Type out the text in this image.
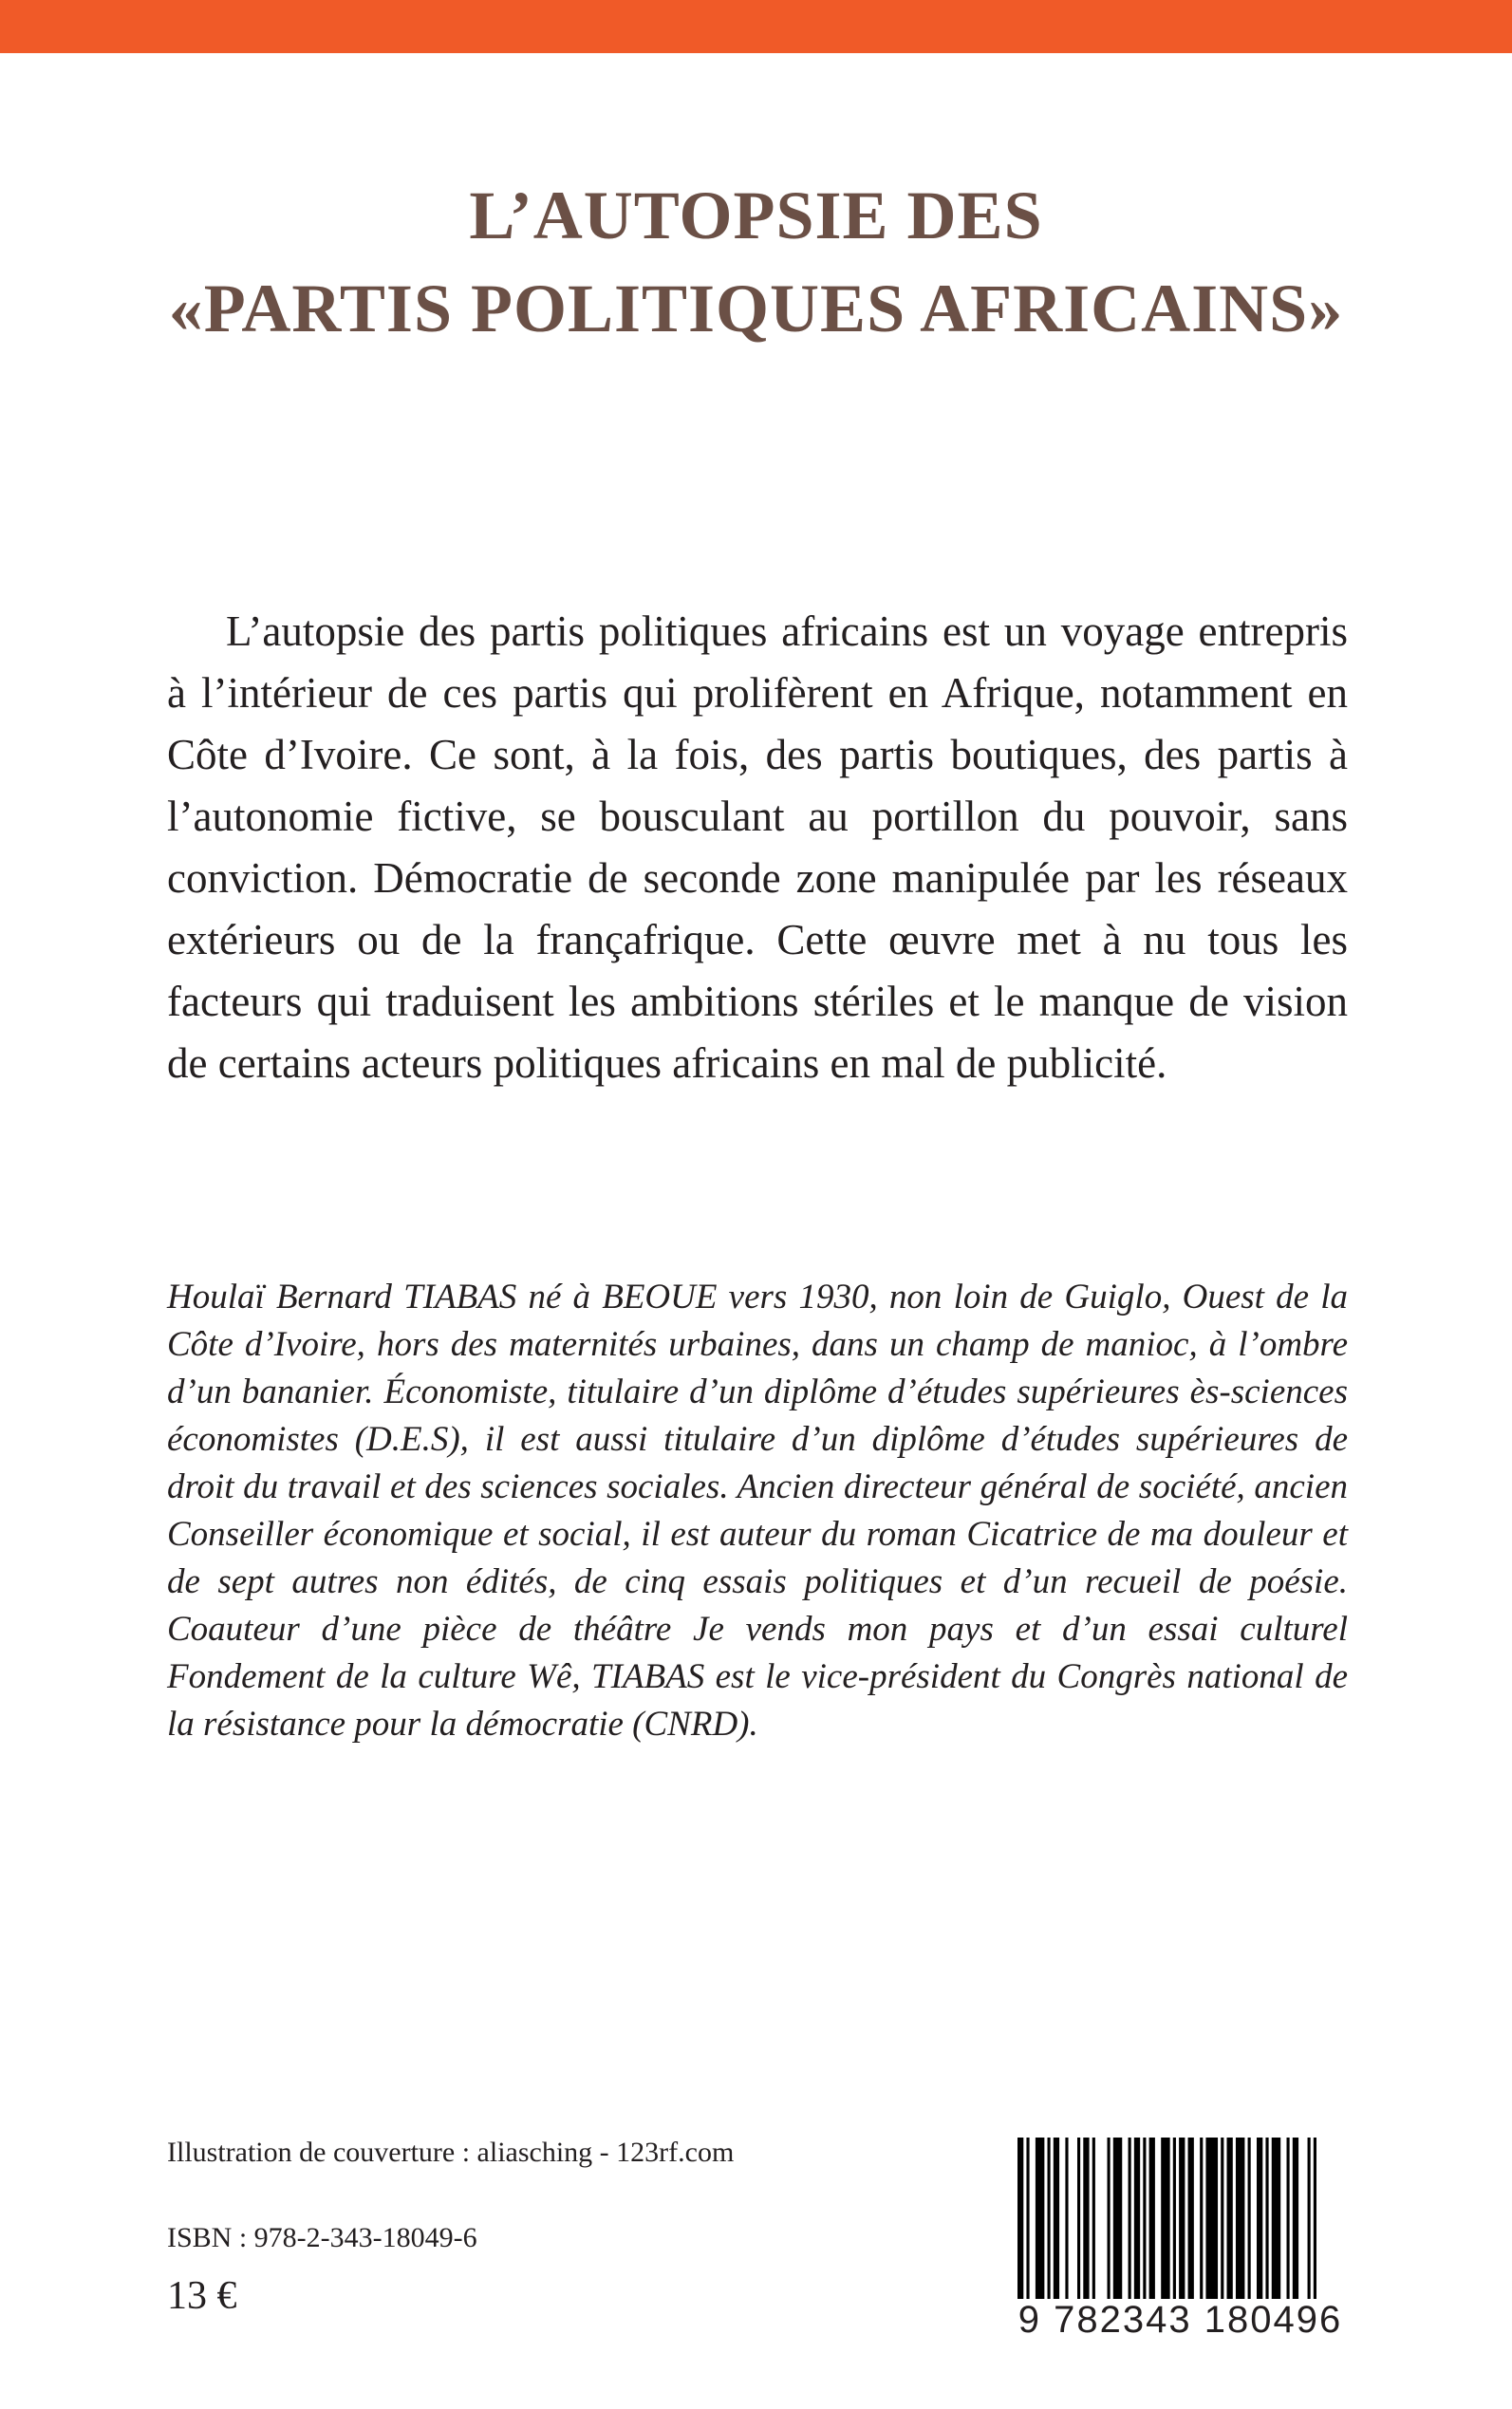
L’AUTOPSIE DES
«PARTIS POLITIQUES AFRICAINS»

L’autopsie des partis politiques africains est un voyage entrepris à l’intérieur de ces partis qui prolifèrent en Afrique, notamment en Côte d’Ivoire. Ce sont, à la fois, des partis boutiques, des partis à l’autonomie fictive, se bousculant au portillon du pouvoir, sans conviction. Démocratie de seconde zone manipulée par les réseaux extérieurs ou de la françafrique. Cette œuvre met à nu tous les facteurs qui traduisent les ambitions stériles et le manque de vision de certains acteurs politiques africains en mal de publicité.

Houlaï Bernard TIABAS né à BEOUE vers 1930, non loin de Guiglo, Ouest de la Côte d’Ivoire, hors des maternités urbaines, dans un champ de manioc, à l’ombre d’un bananier. Économiste, titulaire d’un diplôme d’études supérieures ès-sciences économistes (D.E.S), il est aussi titulaire d’un diplôme d’études supérieures de droit du travail et des sciences sociales. Ancien directeur général de société, ancien Conseiller économique et social, il est auteur du roman Cicatrice de ma douleur et de sept autres non édités, de cinq essais politiques et d’un recueil de poésie. Coauteur d’une pièce de théâtre Je vends mon pays et d’un essai culturel Fondement de la culture Wê, TIABAS est le vice-président du Congrès national de la résistance pour la démocratie (CNRD).

Illustration de couverture : aliasching - 123rf.com
ISBN : 978-2-343-18049-6
13 €
9 782343 180496
